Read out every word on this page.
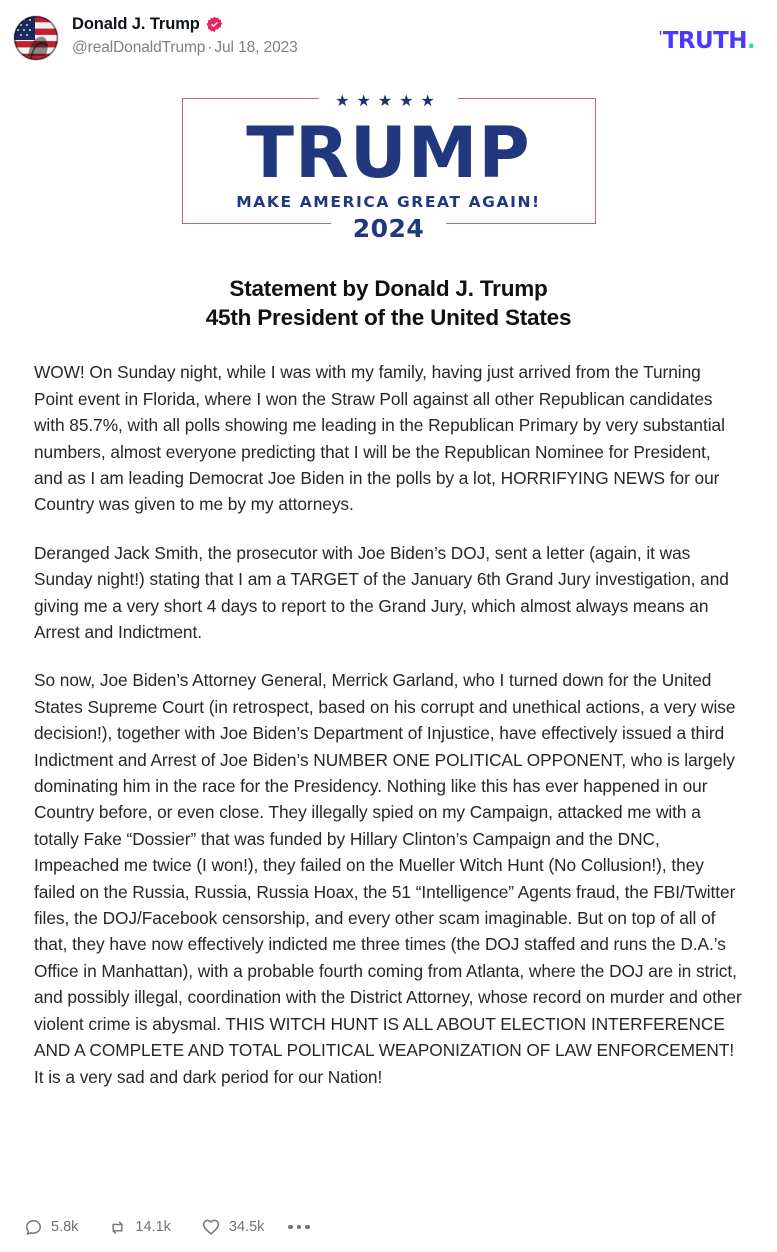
Donald J. Trump
@realDonaldTrump · Jul 18, 2023
' TRUTH .
★★★★★
TRUMP
MAKE AMERICA GREAT AGAIN!
2024
Statement by Donald J. Trump
45th President of the United States

WOW! On Sunday night, while I was with my family, having just arrived from the Turning Point event in Florida, where I won the Straw Poll against all other Republican candidates with 85.7%, with all polls showing me leading in the Republican Primary by very substantial numbers, almost everyone predicting that I will be the Republican Nominee for President, and as I am leading Democrat Joe Biden in the polls by a lot, HORRIFYING NEWS for our Country was given to me by my attorneys.

Deranged Jack Smith, the prosecutor with Joe Biden’s DOJ, sent a letter (again, it was Sunday night!) stating that I am a TARGET of the January 6th Grand Jury investigation, and giving me a very short 4 days to report to the Grand Jury, which almost always means an Arrest and Indictment.

So now, Joe Biden’s Attorney General, Merrick Garland, who I turned down for the United States Supreme Court (in retrospect, based on his corrupt and unethical actions, a very wise decision!), together with Joe Biden’s Department of Injustice, have effectively issued a third Indictment and Arrest of Joe Biden’s NUMBER ONE POLITICAL OPPONENT, who is largely dominating him in the race for the Presidency. Nothing like this has ever happened in our Country before, or even close. They illegally spied on my Campaign, attacked me with a totally Fake “Dossier” that was funded by Hillary Clinton’s Campaign and the DNC, Impeached me twice (I won!), they failed on the Mueller Witch Hunt (No Collusion!), they failed on the Russia, Russia, Russia Hoax, the 51 “Intelligence” Agents fraud, the FBI/Twitter files, the DOJ/Facebook censorship, and every other scam imaginable. But on top of all of that, they have now effectively indicted me three times (the DOJ staffed and runs the D.A.’s Office in Manhattan), with a probable fourth coming from Atlanta, where the DOJ are in strict, and possibly illegal, coordination with the District Attorney, whose record on murder and other violent crime is abysmal. THIS WITCH HUNT IS ALL ABOUT ELECTION INTERFERENCE AND A COMPLETE AND TOTAL POLITICAL WEAPONIZATION OF LAW ENFORCEMENT! It is a very sad and dark period for our Nation!

5.8k	14.1k	34.5k
